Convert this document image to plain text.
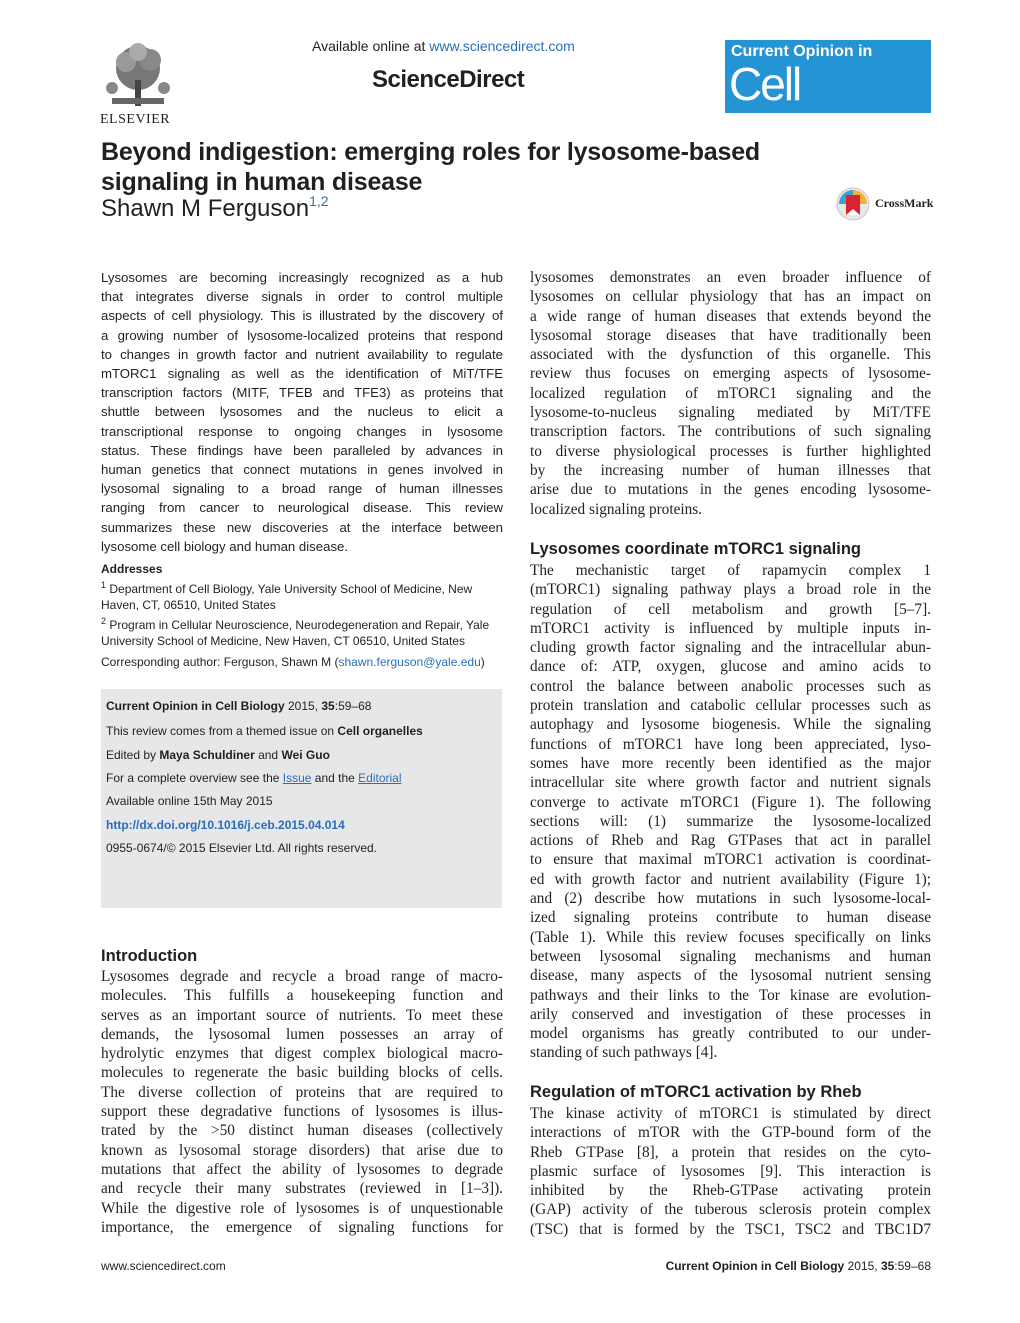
ELSEVIER
Available online at www.sciencedirect.com
ScienceDirect
Current Opinion in
Cell Biology
Beyond indigestion: emerging roles for lysosome-based signaling in human disease
Shawn M Ferguson$^{1,2}$	CrossMark
Lysosomes are becoming increasingly recognized as a hub
that integrates diverse signals in order to control multiple
aspects of cell physiology. This is illustrated by the discovery of
a growing number of lysosome-localized proteins that respond
to changes in growth factor and nutrient availability to regulate
mTORC1 signaling as well as the identification of MiT/TFE
transcription factors (MITF, TFEB and TFE3) as proteins that
shuttle between lysosomes and the nucleus to elicit a
transcriptional response to ongoing changes in lysosome
status. These findings have been paralleled by advances in
human genetics that connect mutations in genes involved in
lysosomal signaling to a broad range of human illnesses
ranging from cancer to neurological disease. This review
summarizes these new discoveries at the interface between
lysosome cell biology and human disease.
Addresses
$^1$ Department of Cell Biology, Yale University School of Medicine, New
Haven, CT, 06510, United States
$^2$ Program in Cellular Neuroscience, Neurodegeneration and Repair, Yale
University School of Medicine, New Haven, CT 06510, United States
Corresponding author: Ferguson, Shawn M (shawn.ferguson@yale.edu)
Current Opinion in Cell Biology 2015, 35:59–68
This review comes from a themed issue on Cell organelles
Edited by Maya Schuldiner and Wei Guo
For a complete overview see the Issue and the Editorial
Available online 15th May 2015
http://dx.doi.org/10.1016/j.ceb.2015.04.014
0955-0674/© 2015 Elsevier Ltd. All rights reserved.
Introduction
Lysosomes degrade and recycle a broad range of macro-
molecules. This fulfills a housekeeping function and
serves as an important source of nutrients. To meet these
demands, the lysosomal lumen possesses an array of
hydrolytic enzymes that digest complex biological macro-
molecules to regenerate the basic building blocks of cells.
The diverse collection of proteins that are required to
support these degradative functions of lysosomes is illus-
trated by the >50 distinct human diseases (collectively
known as lysosomal storage disorders) that arise due to
mutations that affect the ability of lysosomes to degrade
and recycle their many substrates (reviewed in [1–3]).
While the digestive role of lysosomes is of unquestionable
importance, the emergence of signaling functions for
lysosomes demonstrates an even broader influence of
lysosomes on cellular physiology that has an impact on
a wide range of human diseases that extends beyond the
lysosomal storage diseases that have traditionally been
associated with the dysfunction of this organelle. This
review thus focuses on emerging aspects of lysosome-
localized regulation of mTORC1 signaling and the
lysosome-to-nucleus signaling mediated by MiT/TFE
transcription factors. The contributions of such signaling
to diverse physiological processes is further highlighted
by the increasing number of human illnesses that
arise due to mutations in the genes encoding lysosome-
localized signaling proteins.
Lysosomes coordinate mTORC1 signaling
The mechanistic target of rapamycin complex 1
(mTORC1) signaling pathway plays a broad role in the
regulation of cell metabolism and growth [5–7].
mTORC1 activity is influenced by multiple inputs in-
cluding growth factor signaling and the intracellular abun-
dance of: ATP, oxygen, glucose and amino acids to
control the balance between anabolic processes such as
protein translation and catabolic cellular processes such as
autophagy and lysosome biogenesis. While the signaling
functions of mTORC1 have long been appreciated, lyso-
somes have more recently been identified as the major
intracellular site where growth factor and nutrient signals
converge to activate mTORC1 (Figure 1). The following
sections will: (1) summarize the lysosome-localized
actions of Rheb and Rag GTPases that act in parallel
to ensure that maximal mTORC1 activation is coordinat-
ed with growth factor and nutrient availability (Figure 1);
and (2) describe how mutations in such lysosome-local-
ized signaling proteins contribute to human disease
(Table 1). While this review focuses specifically on links
between lysosomal signaling mechanisms and human
disease, many aspects of the lysosomal nutrient sensing
pathways and their links to the Tor kinase are evolution-
arily conserved and investigation of these processes in
model organisms has greatly contributed to our under-
standing of such pathways [4].
Regulation of mTORC1 activation by Rheb
The kinase activity of mTORC1 is stimulated by direct
interactions of mTOR with the GTP-bound form of the
Rheb GTPase [8], a protein that resides on the cyto-
plasmic surface of lysosomes [9]. This interaction is
inhibited by the Rheb-GTPase activating protein
(GAP) activity of the tuberous sclerosis protein complex
(TSC) that is formed by the TSC1, TSC2 and TBC1D7
www.sciencedirect.com	Current Opinion in Cell Biology 2015, 35:59–68
